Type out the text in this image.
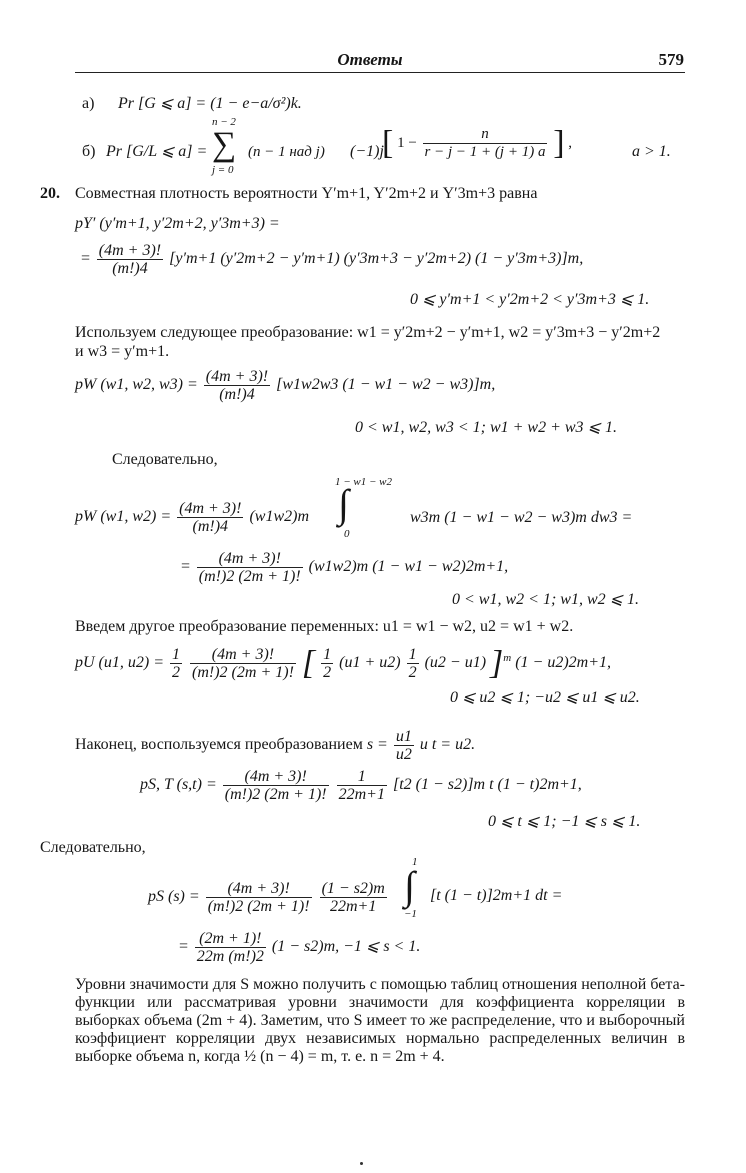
Ответы	579
а) Pr [G ⩽ a] = (1 − e−a/σ²)k.
n − 2
б) Pr [G/L ⩽ a] = ∑
j = 0
(n − 1 над j) (−1)j
[ $1 - \frac{n}{r - j - 1 + (j + 1) a}$ ] ,
a > 1.
20. Совместная плотность вероятности Y′m+1, Y′2m+2 и Y′3m+3 равна
pY′ (y′m+1, y′2m+2, y′3m+3) =
= $\frac{(4m + 3)!}{(m!)4} [y'm+1$ (y′2m+2 − y′m+1) (y′3m+3 − y′2m+2) (1 − y′3m+3)]m,
0 ⩽ y′m+1 < y′2m+2 < y′3m+3 ⩽ 1.
Используем следующее преобразование: w1 = y′2m+2 − y′m+1, w2 = y′3m+3 − y′2m+2
и w3 = y′m+1.
pW (w1, w2, $w3) = \frac{(4m + 3)!}{(m!)4} [w1w2w3$ (1 − w1 − w2 − w3)]m,
0 < w1, w2, w3 < 1; w1 + w2 + w3 ⩽ 1.
Следовательно,
1 − w1 − w2
pW (w1, $w2) = \frac{(4m + 3)!}{(m!)4} (w1w2)m$ ∫
0
w3m (1 − w1 − w2 − w3)m dw3 =
= $\frac{(4m + 3)!}{(m!)2 (2m + 1)!} (w1w2)m$ (1 − w1 − w2)2m+1,
0 < w1, w2 < 1; w1, w2 ⩽ 1.
Введем другое преобразование переменных: u1 = w1 − w2, u2 = w1 + w2.
pU (u1, $u2) = \frac{1}{2}$
$\frac{(4m + 3)!}{(m!)2 (2m + 1)!}$ [ $\frac{1}{2} (u1 + u2) \frac{1}{2} (u2 - u1)$ ]$^m$ (1 − u2)2m+1,
0 ⩽ u2 ⩽ 1; −u2 ⩽ u1 ⩽ u2.
Наконец, воспользуемся преобразованием $s = \frac{u1}{u2}$ и t = u2.
pS, T $(s,t) = \frac{(4m + 3)!}{(m!)2 (2m + 1)!}$
$\frac{1}{22m+1} [t2$ (1 − s2)]m t (1 − t)2m+1,
0 ⩽ t ⩽ 1; −1 ⩽ s ⩽ 1.
Следовательно,
1
pS $(s) = \frac{(4m + 3)!}{(m!)2 (2m + 1)!}$
$\frac{(1 - s2)m}{22m+1}$ ∫
−1
[t (1 − t)]2m+1 dt =
= $\frac{(2m + 1)!}{22m (m!)2} (1 - s2)m$, −1 ⩽ s < 1.
Уровни значимости для S можно получить с помощью таблиц отношения неполной бета-функции или рассматривая уровни значимости для коэффициента корреляции в выборках объема (2m + 4). Заметим, что S имеет то же распределение, что и выборочный коэффициент корреляции двух независимых нормально распределенных величин в выборке объема n, когда ½ (n − 4) = m, т. е. n = 2m + 4.
